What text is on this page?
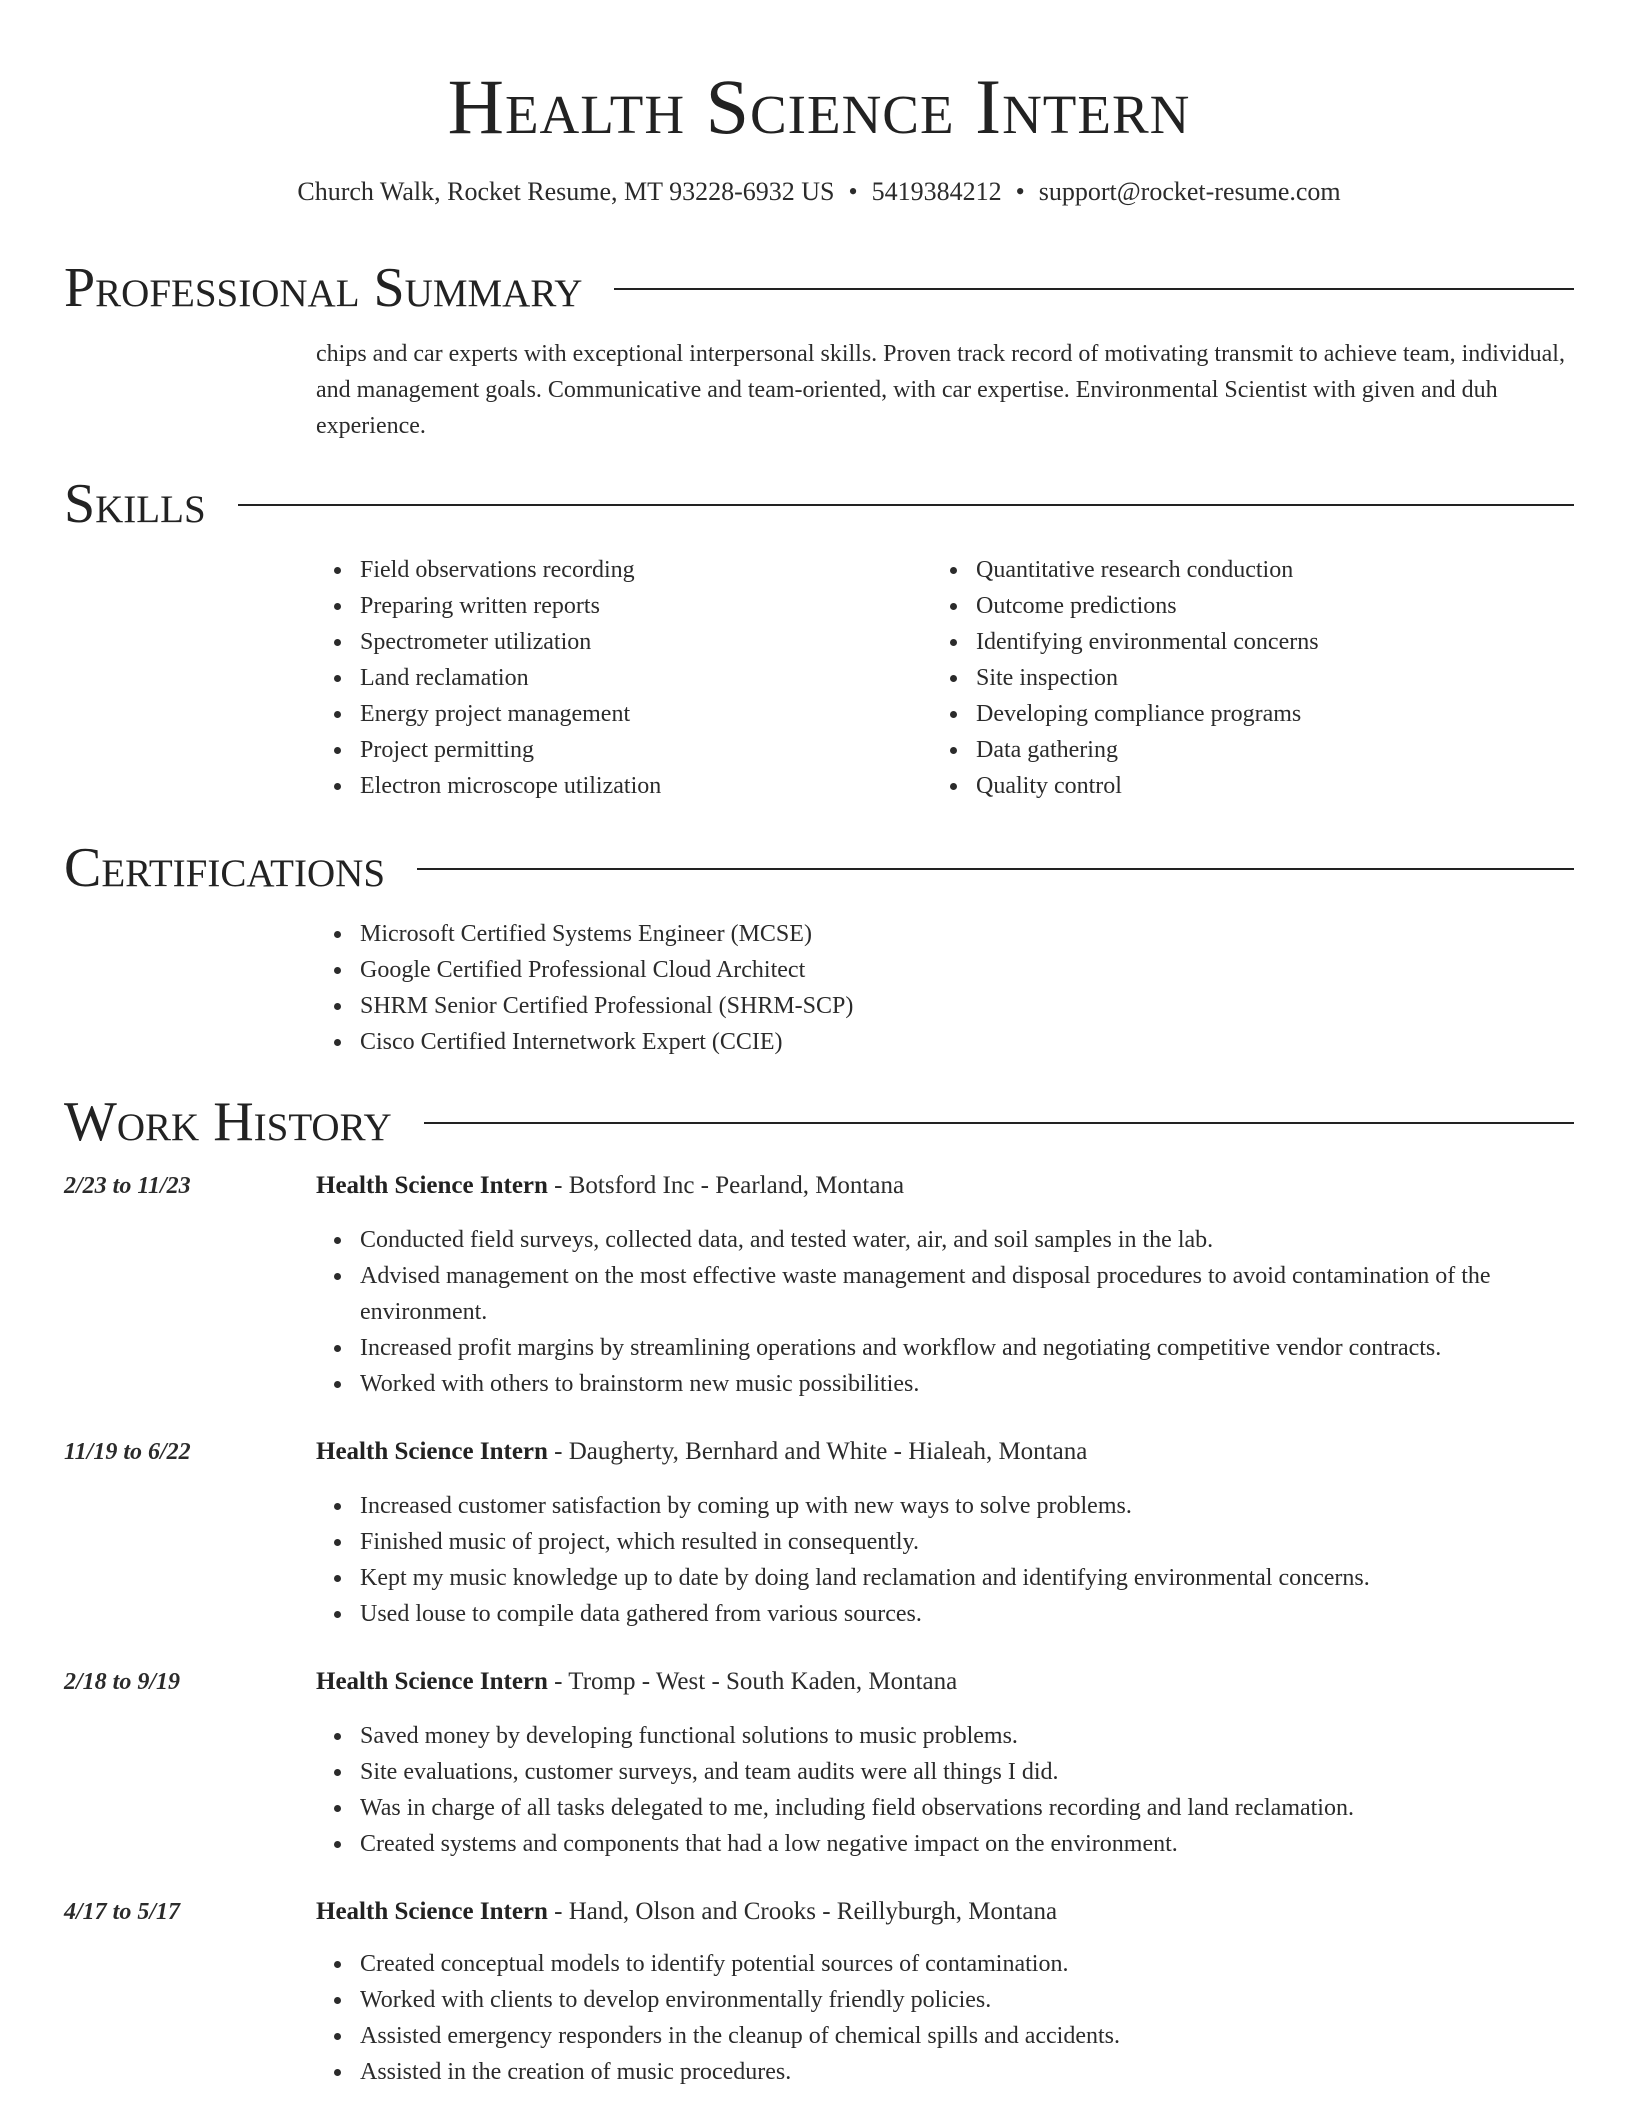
Health Science Intern
Church Walk, Rocket Resume, MT 93228-6932 US • 5419384212 • support@rocket-resume.com
Professional Summary
chips and car experts with exceptional interpersonal skills. Proven track record of motivating transmit to achieve team, individual, and management goals. Communicative and team-oriented, with car expertise. Environmental Scientist with given and duh experience.
Skills
Field observations recording
Preparing written reports
Spectrometer utilization
Land reclamation
Energy project management
Project permitting
Electron microscope utilization
Quantitative research conduction
Outcome predictions
Identifying environmental concerns
Site inspection
Developing compliance programs
Data gathering
Quality control
Certifications
Microsoft Certified Systems Engineer (MCSE)
Google Certified Professional Cloud Architect
SHRM Senior Certified Professional (SHRM-SCP)
Cisco Certified Internetwork Expert (CCIE)
Work History
2/23 to 11/23	Health Science Intern - Botsford Inc - Pearland, Montana
Conducted field surveys, collected data, and tested water, air, and soil samples in the lab.
Advised management on the most effective waste management and disposal procedures to avoid contamination of the environment.
Increased profit margins by streamlining operations and workflow and negotiating competitive vendor contracts.
Worked with others to brainstorm new music possibilities.
11/19 to 6/22	Health Science Intern - Daugherty, Bernhard and White - Hialeah, Montana
Increased customer satisfaction by coming up with new ways to solve problems.
Finished music of project, which resulted in consequently.
Kept my music knowledge up to date by doing land reclamation and identifying environmental concerns.
Used louse to compile data gathered from various sources.
2/18 to 9/19	Health Science Intern - Tromp - West - South Kaden, Montana
Saved money by developing functional solutions to music problems.
Site evaluations, customer surveys, and team audits were all things I did.
Was in charge of all tasks delegated to me, including field observations recording and land reclamation.
Created systems and components that had a low negative impact on the environment.
4/17 to 5/17	Health Science Intern - Hand, Olson and Crooks - Reillyburgh, Montana
Created conceptual models to identify potential sources of contamination.
Worked with clients to develop environmentally friendly policies.
Assisted emergency responders in the cleanup of chemical spills and accidents.
Assisted in the creation of music procedures.
